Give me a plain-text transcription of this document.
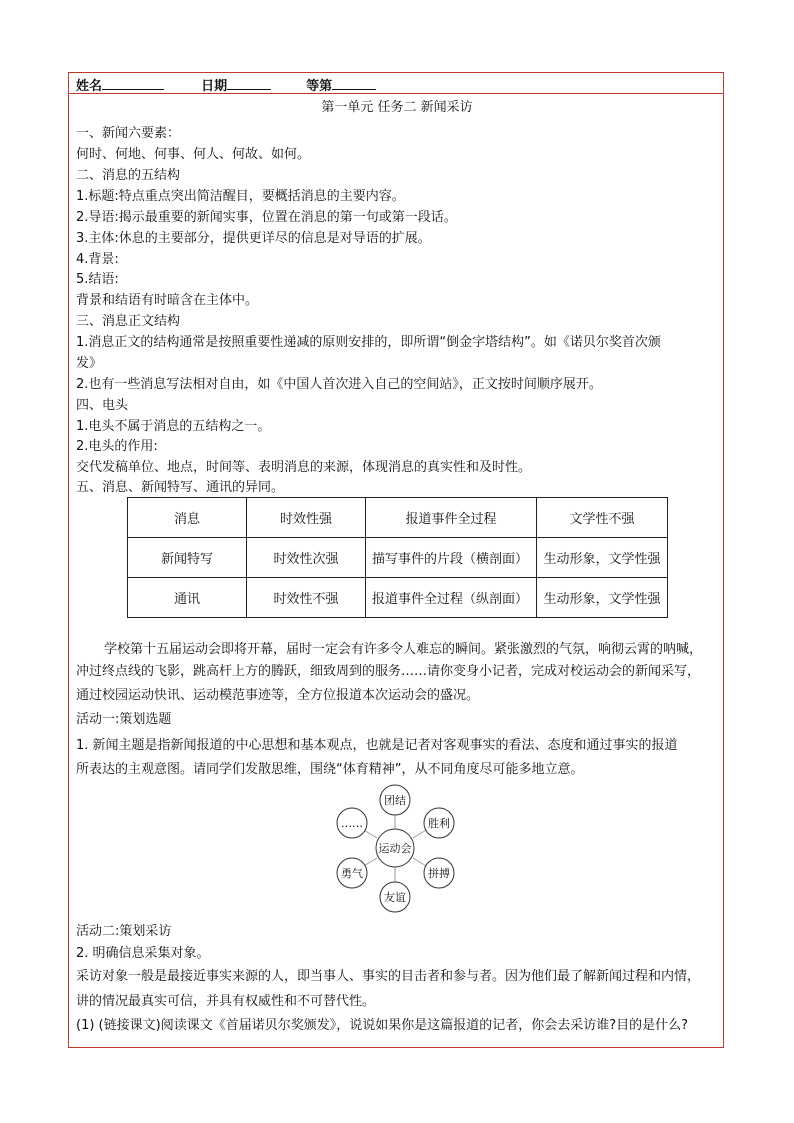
姓名	日期	等第
第一单元 任务二 新闻采访
一、新闻六要素：
何时、何地、何事、何人、何故、如何。
二、消息的五结构
1.标题:特点重点突出简洁醒目，要概括消息的主要内容。
2.导语:揭示最重要的新闻实事，位置在消息的第一句或第一段话。
3.主体:休息的主要部分，提供更详尽的信息是对导语的扩展。
4.背景:
5.结语:
背景和结语有时暗含在主体中。
三、消息正文结构
1.消息正文的结构通常是按照重要性递减的原则安排的，即所谓“倒金字塔结构”。如《诺贝尔奖首次颁
发》
2.也有一些消息写法相对自由，如《中国人首次进入自己的空间站》，正文按时间顺序展开。
四、电头
1.电头不属于消息的五结构之一。
2.电头的作用:
交代发稿单位、地点，时间等、表明消息的来源，体现消息的真实性和及时性。
五、消息、新闻特写、通讯的异同。
消息	时效性强	报道事件全过程	文学性不强
新闻特写	时效性次强	描写事件的片段（横剖面）	生动形象，文学性强
通讯	时效性不强	报道事件全过程（纵剖面）	生动形象，文学性强
学校第十五届运动会即将开幕，届时一定会有许多令人难忘的瞬间。紧张激烈的气氛，响彻云霄的呐喊，
冲过终点线的飞影，跳高杆上方的腾跃，细致周到的服务……请你变身小记者，完成对校运动会的新闻采写，
通过校园运动快讯、运动模范事迹等，全方位报道本次运动会的盛况。
活动一:策划选题
1. 新闻主题是指新闻报道的中心思想和基本观点，也就是记者对客观事实的看法、态度和通过事实的报道
所表达的主观意图。请同学们发散思维，围绕“体育精神”，从不同角度尽可能多地立意。
运动会
团结
胜利
拼搏
友谊
勇气
……
活动二:策划采访
2. 明确信息采集对象。
采访对象一般是最接近事实来源的人，即当事人、事实的目击者和参与者。因为他们最了解新闻过程和内情，
讲的情况最真实可信，并具有权威性和不可替代性。
(1) (链接课文)阅读课文《首届诺贝尔奖颁发》，说说如果你是这篇报道的记者，你会去采访谁?目的是什么?
